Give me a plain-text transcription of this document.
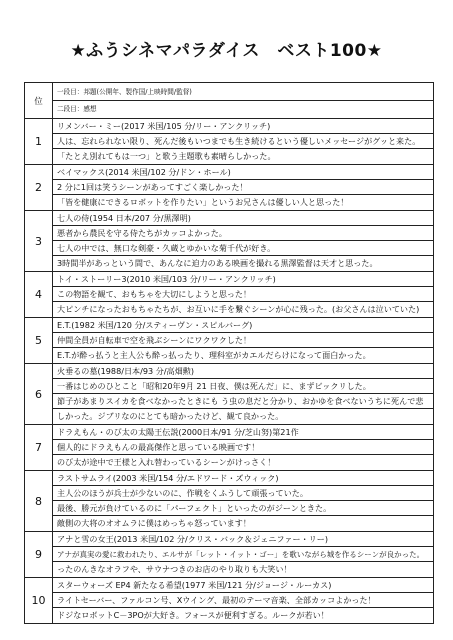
★ふうシネマパラダイス　ベスト100★
位	一段目：邦題(公開年、製作国/上映時間/監督)
二段目：感想

1	リメンバー・ミー(2017 米国/105 分/リー・アンクリッチ)
人は、忘れられない限り、死んだ後もいつまでも生き続けるという優しいメッセージがグッと来た。
「たとえ別れてもは一つ」と歌う主題歌も素晴らしかった。

2	ベイマックス(2014 米国/102 分/ドン・ホール)
2 分に1回は笑うシーンがあってすごく楽しかった！
「皆を健康にできるロボットを作りたい」というお兄さんは優しい人と思った！

3	七人の侍(1954 日本/207 分/黒澤明)
悪者から農民を守る侍たちがカッコよかった。
七人の中では、無口な剣豪・久蔵とゆかいな菊千代が好き。
3時間半があっという間で、あんなに迫力のある映画を撮れる黒澤監督は天才と思った。

4	トイ・ストーリー3(2010 米国/103 分/リー・アンクリッチ)
この物語を観て、おもちゃを大切にしようと思った！
大ピンチになったおもちゃたちが、お互いに手を繋ぐシーンが心に残った。(お父さんは泣いていた)

5	E.T.(1982 米国/120 分/スティーヴン・スピルバーグ)
仲間全員が自転車で空を飛ぶシーンにワクワクした！
E.T.が酔っ払うと主人公も酔っ払ったり、理科室がカエルだらけになって面白かった。

6	火垂るの墓(1988/日本/93 分/高畑勲)
一番はじめのひとこと「昭和20年9月 21 日夜、僕は死んだ」に、まずビックリした。
節子があまりスイカを食べなかったときにも う虫の息だと分かり、おかゆを食べないうちに死んで悲
しかった。ジブリなのにとても暗かったけど、観て良かった。

7	ドラえもん・のび太の太陽王伝説(2000日本/91 分/芝山努)第21作
個人的にドラえもんの最高傑作と思っている映画です！
のび太が途中で王様と入れ替わっているシーンがけっさく！

8	ラストサムライ(2003 米国/154 分/エドワード・ズウィック)
主人公のほうが兵士が少ないのに、作戦をくふうして頑張っていた。
最後、勝元が負けているのに「パーフェクト」といったのがジーンときた。
敵側の大将のオオムラに僕はめっちゃ怒っています！

9	アナと雪の女王(2013 米国/102 分/クリス・バック＆ジェニファー・リー)
アナが真実の愛に救われたり、エルサが「レット・イット・ゴー」を歌いながら城を作るシーンが良かった。
ったのんきなオラフや、サウナつきのお店のやり取りも大笑い！

10	スターウォーズ EP4 新たなる希望(1977 米国/121 分/ジョージ・ルーカス)
ライトセーバー、ファルコン号、Xウイング、最初のテーマ音楽、全部カッコよかった！
ドジなロボットC－3POが大好き。フォースが便利すぎる。ルークが若い！
